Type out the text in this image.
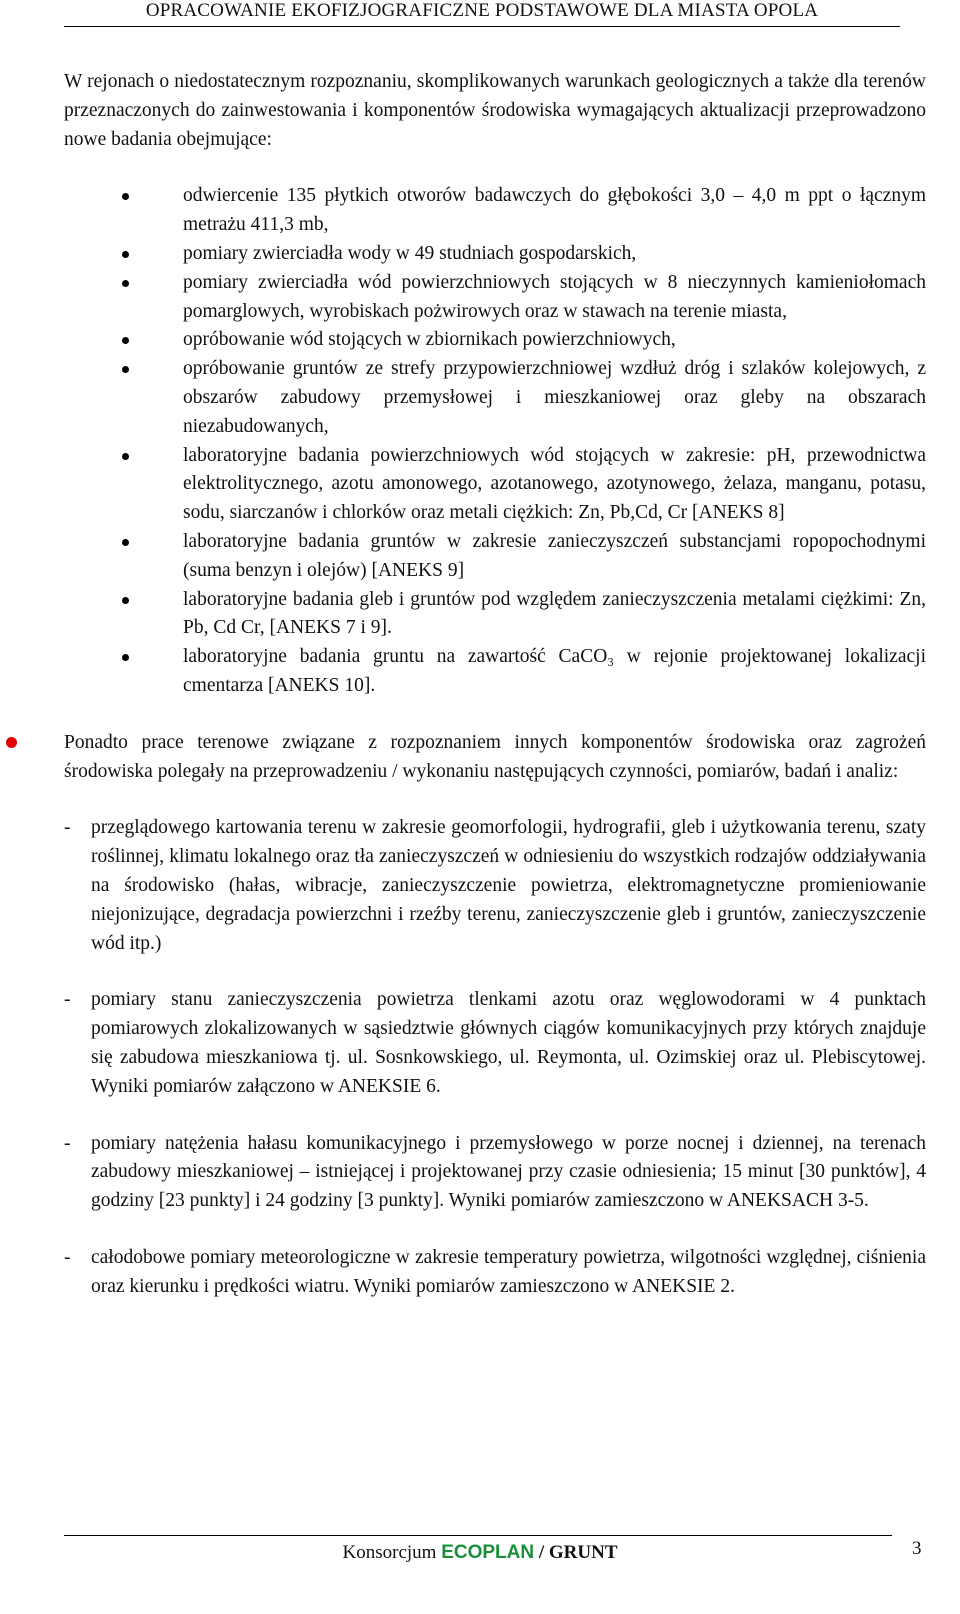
OPRACOWANIE EKOFIZJOGRAFICZNE PODSTAWOWE DLA MIASTA OPOLA

W rejonach o niedostatecznym rozpoznaniu, skomplikowanych warunkach geologicznych a także dla terenów przeznaczonych do zainwestowania i komponentów środowiska wymagających aktualizacji przeprowadzono nowe badania obejmujące:

odwiercenie 135 płytkich otworów badawczych do głębokości 3,0 – 4,0 m ppt o łącznym metrażu 411,3 mb,
pomiary zwierciadła wody w 49 studniach gospodarskich,
pomiary zwierciadła wód powierzchniowych stojących w 8 nieczynnych kamieniołomach pomarglowych, wyrobiskach pożwirowych oraz w stawach na terenie miasta,
opróbowanie wód stojących w zbiornikach powierzchniowych,
opróbowanie gruntów ze strefy przypowierzchniowej wzdłuż dróg i szlaków kolejowych, z obszarów zabudowy przemysłowej i mieszkaniowej oraz gleby na obszarach niezabudowanych,
laboratoryjne badania powierzchniowych wód stojących w zakresie: pH, przewodnictwa elektrolitycznego, azotu amonowego, azotanowego, azotynowego, żelaza, manganu, potasu, sodu, siarczanów i chlorków oraz metali ciężkich: Zn, Pb,Cd, Cr [ANEKS 8]
laboratoryjne badania gruntów w zakresie zanieczyszczeń substancjami ropopochodnymi (suma benzyn i olejów) [ANEKS 9]
laboratoryjne badania gleb i gruntów pod względem zanieczyszczenia metalami ciężkimi: Zn, Pb, Cd Cr, [ANEKS 7 i 9].
laboratoryjne badania gruntu na zawartość CaCO₃ w rejonie projektowanej lokalizacji cmentarza [ANEKS 10].

Ponadto prace terenowe związane z rozpoznaniem innych komponentów środowiska oraz zagrożeń środowiska polegały na przeprowadzeniu / wykonaniu następujących czynności, pomiarów, badań i analiz:

- przeglądowego kartowania terenu w zakresie geomorfologii, hydrografii, gleb i użytkowania terenu, szaty roślinnej, klimatu lokalnego oraz tła zanieczyszczeń w odniesieniu do wszystkich rodzajów oddziaływania na środowisko (hałas, wibracje, zanieczyszczenie powietrza, elektromagnetyczne promieniowanie niejonizujące, degradacja powierzchni i rzeźby terenu, zanieczyszczenie gleb i gruntów, zanieczyszczenie wód itp.)
- pomiary stanu zanieczyszczenia powietrza tlenkami azotu oraz węglowodorami w 4 punktach pomiarowych zlokalizowanych w sąsiedztwie głównych ciągów komunikacyjnych przy których znajduje się zabudowa mieszkaniowa tj. ul. Sosnkowskiego, ul. Reymonta, ul. Ozimskiej oraz ul. Plebiscytowej. Wyniki pomiarów załączono w ANEKSIE 6.
- pomiary natężenia hałasu komunikacyjnego i przemysłowego w porze nocnej i dziennej, na terenach zabudowy mieszkaniowej – istniejącej i projektowanej przy czasie odniesienia; 15 minut [30 punktów], 4 godziny [23 punkty] i 24 godziny [3 punkty]. Wyniki pomiarów zamieszczono w ANEKSACH 3-5.
- całodobowe pomiary meteorologiczne w zakresie temperatury powietrza, wilgotności względnej, ciśnienia oraz kierunku i prędkości wiatru. Wyniki pomiarów zamieszczono w ANEKSIE 2.
Konsorcjum ECOPLAN / GRUNT	3
